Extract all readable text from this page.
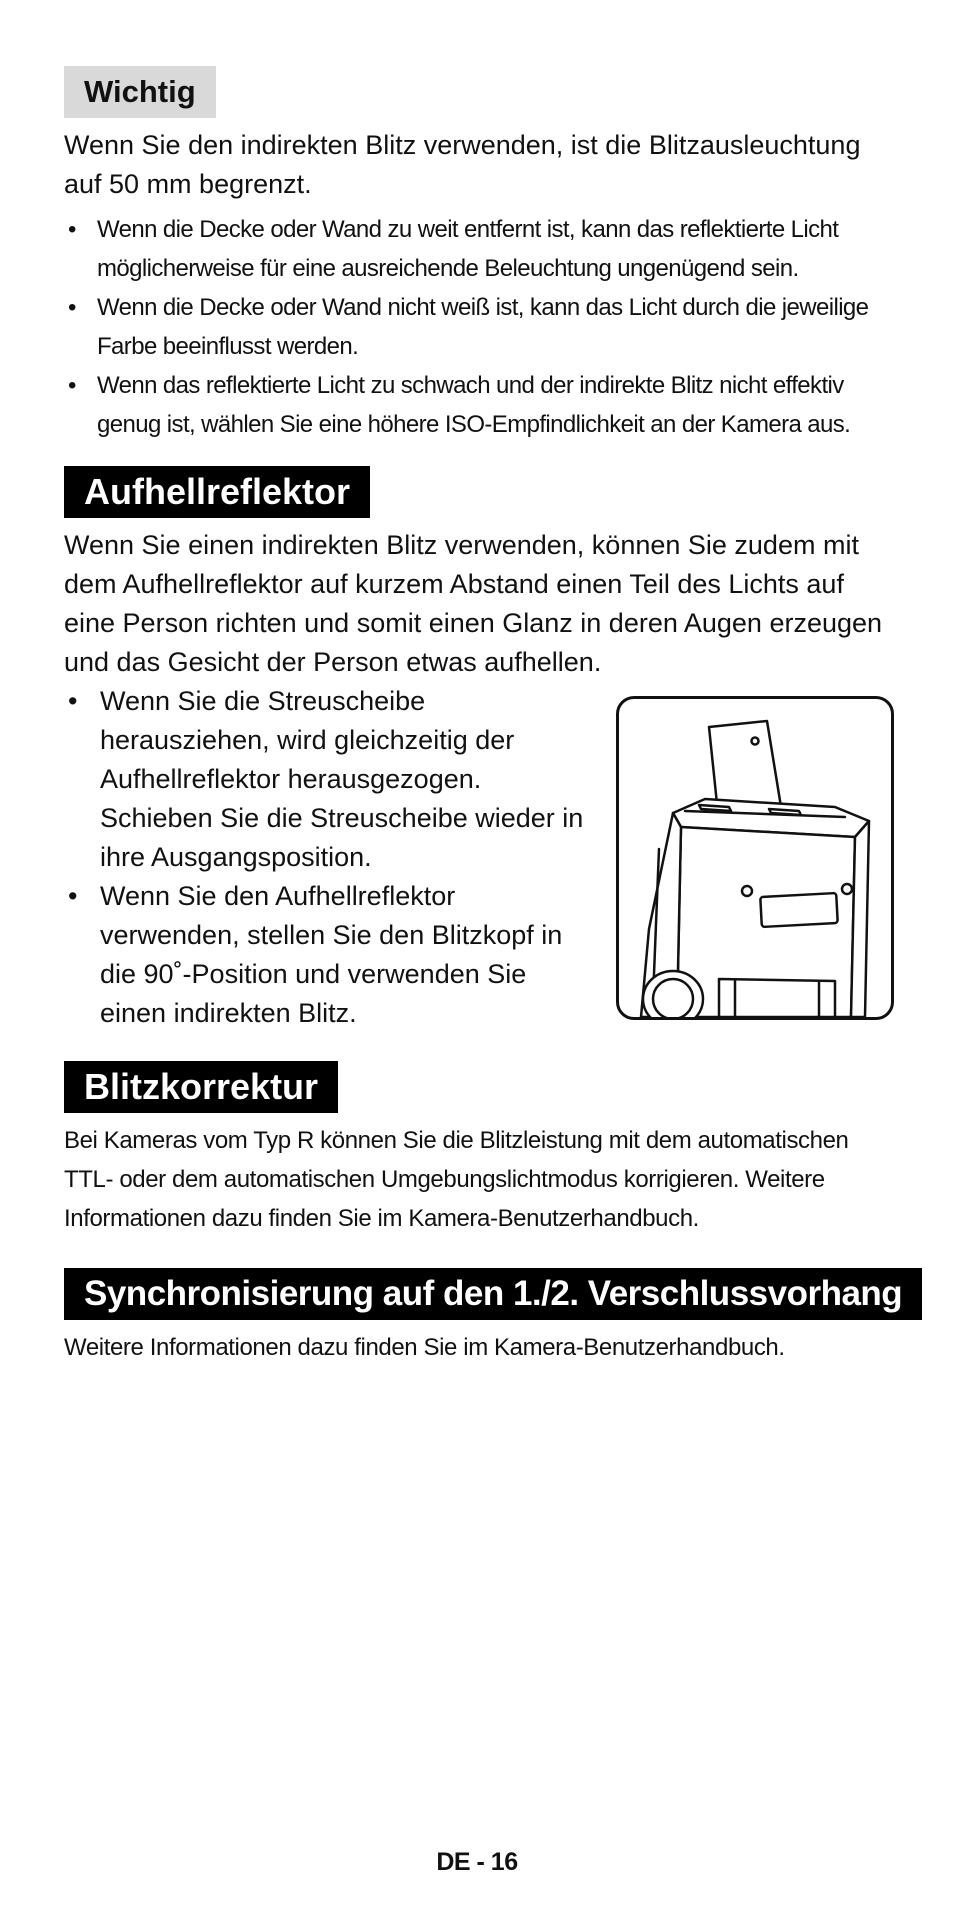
Wichtig

Wenn Sie den indirekten Blitz verwenden, ist die Blitzausleuchtung auf 50 mm begrenzt.

• Wenn die Decke oder Wand zu weit entfernt ist, kann das reflektierte Licht möglicherweise für eine ausreichende Beleuchtung ungenügend sein.
• Wenn die Decke oder Wand nicht weiß ist, kann das Licht durch die jeweilige Farbe beeinflusst werden.
• Wenn das reflektierte Licht zu schwach und der indirekte Blitz nicht effektiv genug ist, wählen Sie eine höhere ISO-Empfindlichkeit an der Kamera aus.
Aufhellreflektor

Wenn Sie einen indirekten Blitz verwenden, können Sie zudem mit dem Aufhellreflektor auf kurzem Abstand einen Teil des Lichts auf eine Person richten und somit einen Glanz in deren Augen erzeugen und das Gesicht der Person etwas aufhellen.

• Wenn Sie die Streuscheibe herausziehen, wird gleichzeitig der Aufhellreflektor herausgezogen. Schieben Sie die Streuscheibe wieder in ihre Ausgangsposition.
• Wenn Sie den Aufhellreflektor verwenden, stellen Sie den Blitzkopf in die 90˚-Position und verwenden Sie einen indirekten Blitz.
Blitzkorrektur

Bei Kameras vom Typ R können Sie die Blitzleistung mit dem automatischen TTL- oder dem automatischen Umgebungslichtmodus korrigieren. Weitere Informationen dazu finden Sie im Kamera-Benutzerhandbuch.

Synchronisierung auf den 1./2. Verschlussvorhang

Weitere Informationen dazu finden Sie im Kamera-Benutzerhandbuch.

DE - 16
